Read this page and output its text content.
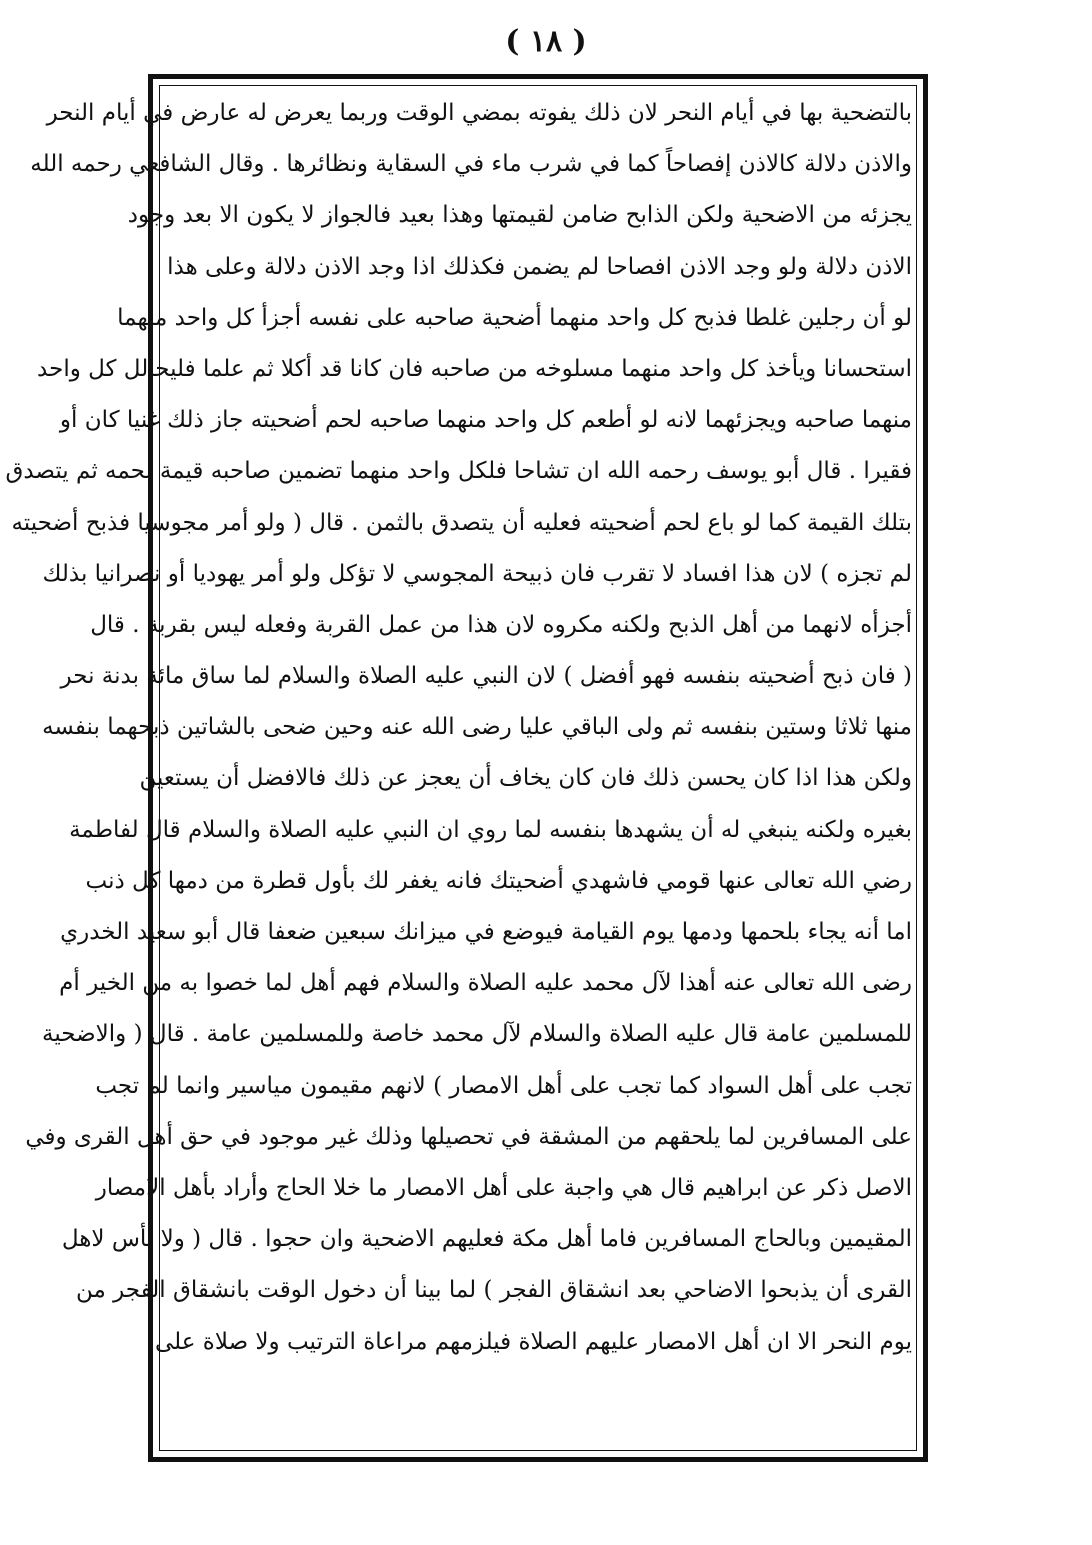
( ١٨ )
بالتضحية بها في أيام النحر لان ذلك يفوته بمضي الوقت وربما يعرض له عارض في أيام النحر
والاذن دلالة كالاذن إفصاحاً كما في شرب ماء في السقاية ونظائرها . وقال الشافعي رحمه الله
يجزئه من الاضحية ولكن الذابح ضامن لقيمتها وهذا بعيد فالجواز لا يكون الا بعد وجود
الاذن دلالة ولو وجد الاذن افصاحا لم يضمن فكذلك اذا وجد الاذن دلالة وعلى هذا
لو أن رجلين غلطا فذبح كل واحد منهما أضحية صاحبه على نفسه أجزأ كل واحد منهما
استحسانا ويأخذ كل واحد منهما مسلوخه من صاحبه فان كانا قد أكلا ثم علما فليحالل كل واحد
منهما صاحبه ويجزئهما لانه لو أطعم كل واحد منهما صاحبه لحم أضحيته جاز ذلك غنيا كان أو
فقيرا . قال أبو يوسف رحمه الله ان تشاحا فلكل واحد منهما تضمين صاحبه قيمة لحمه ثم يتصدق
بتلك القيمة كما لو باع لحم أضحيته فعليه أن يتصدق بالثمن . قال ( ولو أمر مجوسيا فذبح أضحيته
لم تجزه ) لان هذا افساد لا تقرب فان ذبيحة المجوسي لا تؤكل ولو أمر يهوديا أو نصرانيا بذلك
أجزأه لانهما من أهل الذبح ولكنه مكروه لان هذا من عمل القربة وفعله ليس بقربة . قال
( فان ذبح أضحيته بنفسه فهو أفضل ) لان النبي عليه الصلاة والسلام لما ساق مائة بدنة نحر
منها ثلاثا وستين بنفسه ثم ولى الباقي عليا رضى الله عنه وحين ضحى بالشاتين ذبحهما بنفسه
ولكن هذا اذا كان يحسن ذلك فان كان يخاف أن يعجز عن ذلك فالافضل أن يستعين
بغيره ولكنه ينبغي له أن يشهدها بنفسه لما روي ان النبي عليه الصلاة والسلام قال لفاطمة
رضي الله تعالى عنها قومي فاشهدي أضحيتك فانه يغفر لك بأول قطرة من دمها كل ذنب
اما أنه يجاء بلحمها ودمها يوم القيامة فيوضع في ميزانك سبعين ضعفا قال أبو سعيد الخدري
رضى الله تعالى عنه أهذا لآل محمد عليه الصلاة والسلام فهم أهل لما خصوا به من الخير أم
للمسلمين عامة قال عليه الصلاة والسلام لآل محمد خاصة وللمسلمين عامة . قال ( والاضحية
تجب على أهل السواد كما تجب على أهل الامصار ) لانهم مقيمون مياسير وانما لم تجب
على المسافرين لما يلحقهم من المشقة في تحصيلها وذلك غير موجود في حق أهل القرى وفي
الاصل ذكر عن ابراهيم قال هي واجبة على أهل الامصار ما خلا الحاج وأراد بأهل الامصار
المقيمين وبالحاج المسافرين فاما أهل مكة فعليهم الاضحية وان حجوا . قال ( ولا بأس لاهل
القرى أن يذبحوا الاضاحي بعد انشقاق الفجر ) لما بينا أن دخول الوقت بانشقاق الفجر من
يوم النحر الا ان أهل الامصار عليهم الصلاة فيلزمهم مراعاة الترتيب ولا صلاة على
